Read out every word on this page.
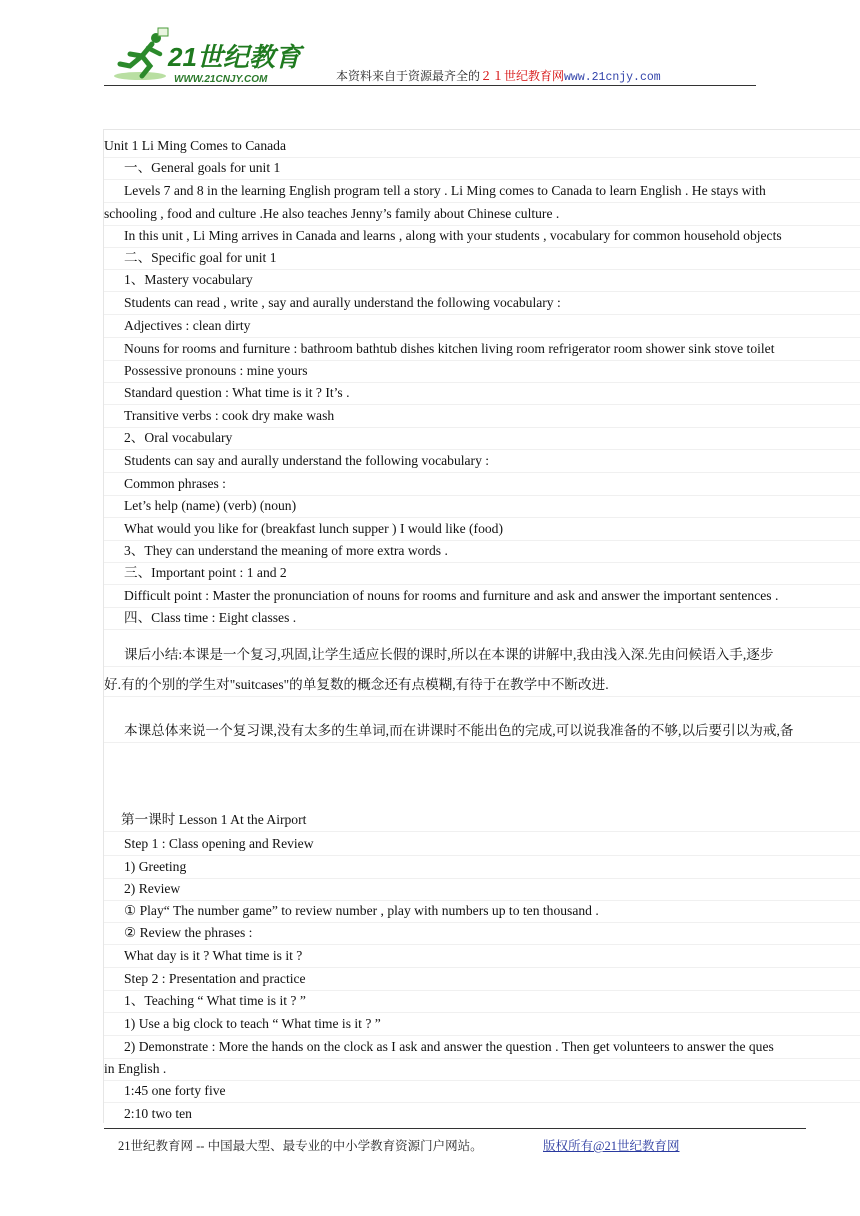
21世纪教育
WWW.21CNJY.COM	本资料来自于资源最齐全的２１世纪教育网www.21cnjy.com
Unit 1 Li Ming Comes to Canada
一、General goals for unit 1
Levels 7 and 8 in the learning English program tell a story . Li Ming comes to Canada to learn English . He stays with
schooling , food and culture .He also teaches Jenny’s family about Chinese culture .
In this unit , Li Ming arrives in Canada and learns , along with your students , vocabulary for common household objects
二、Specific goal for unit 1
1、Mastery vocabulary
Students can read , write , say and aurally understand the following vocabulary :
Adjectives : clean dirty
Nouns for rooms and furniture : bathroom bathtub dishes kitchen living room refrigerator room shower sink stove toilet
Possessive pronouns : mine yours
Standard question : What time is it ? It’s .
Transitive verbs : cook dry make wash
2、Oral vocabulary
Students can say and aurally understand the following vocabulary :
Common phrases :
Let’s help (name) (verb) (noun)
What would you like for (breakfast lunch supper ) I would like (food)
3、They can understand the meaning of more extra words .
三、Important point : 1 and 2
Difficult point : Master the pronunciation of nouns for rooms and furniture and ask and answer the important sentences .
四、Class time : Eight classes .
课后小结:本课是一个复习,巩固,让学生适应长假的课时,所以在本课的讲解中,我由浅入深.先由问候语入手,逐步
好.有的个别的学生对"suitcases"的单复数的概念还有点模糊,有待于在教学中不断改进.
本课总体来说一个复习课,没有太多的生单词,而在讲课时不能出色的完成,可以说我准备的不够,以后要引以为戒,备
第一课时 Lesson 1 At the Airport
Step 1 : Class opening and Review
1) Greeting
2) Review
① Play“ The number game” to review number , play with numbers up to ten thousand .
② Review the phrases :
What day is it ? What time is it ?
Step 2 : Presentation and practice
1、Teaching “ What time is it ? ”
1) Use a big clock to teach “ What time is it ? ”
2) Demonstrate : More the hands on the clock as I ask and answer the question . Then get volunteers to answer the ques
in English .
1:45 one forty five
2:10 two ten
21世纪教育网 -- 中国最大型、最专业的中小学教育资源门户网站。	版权所有@21世纪教育网
